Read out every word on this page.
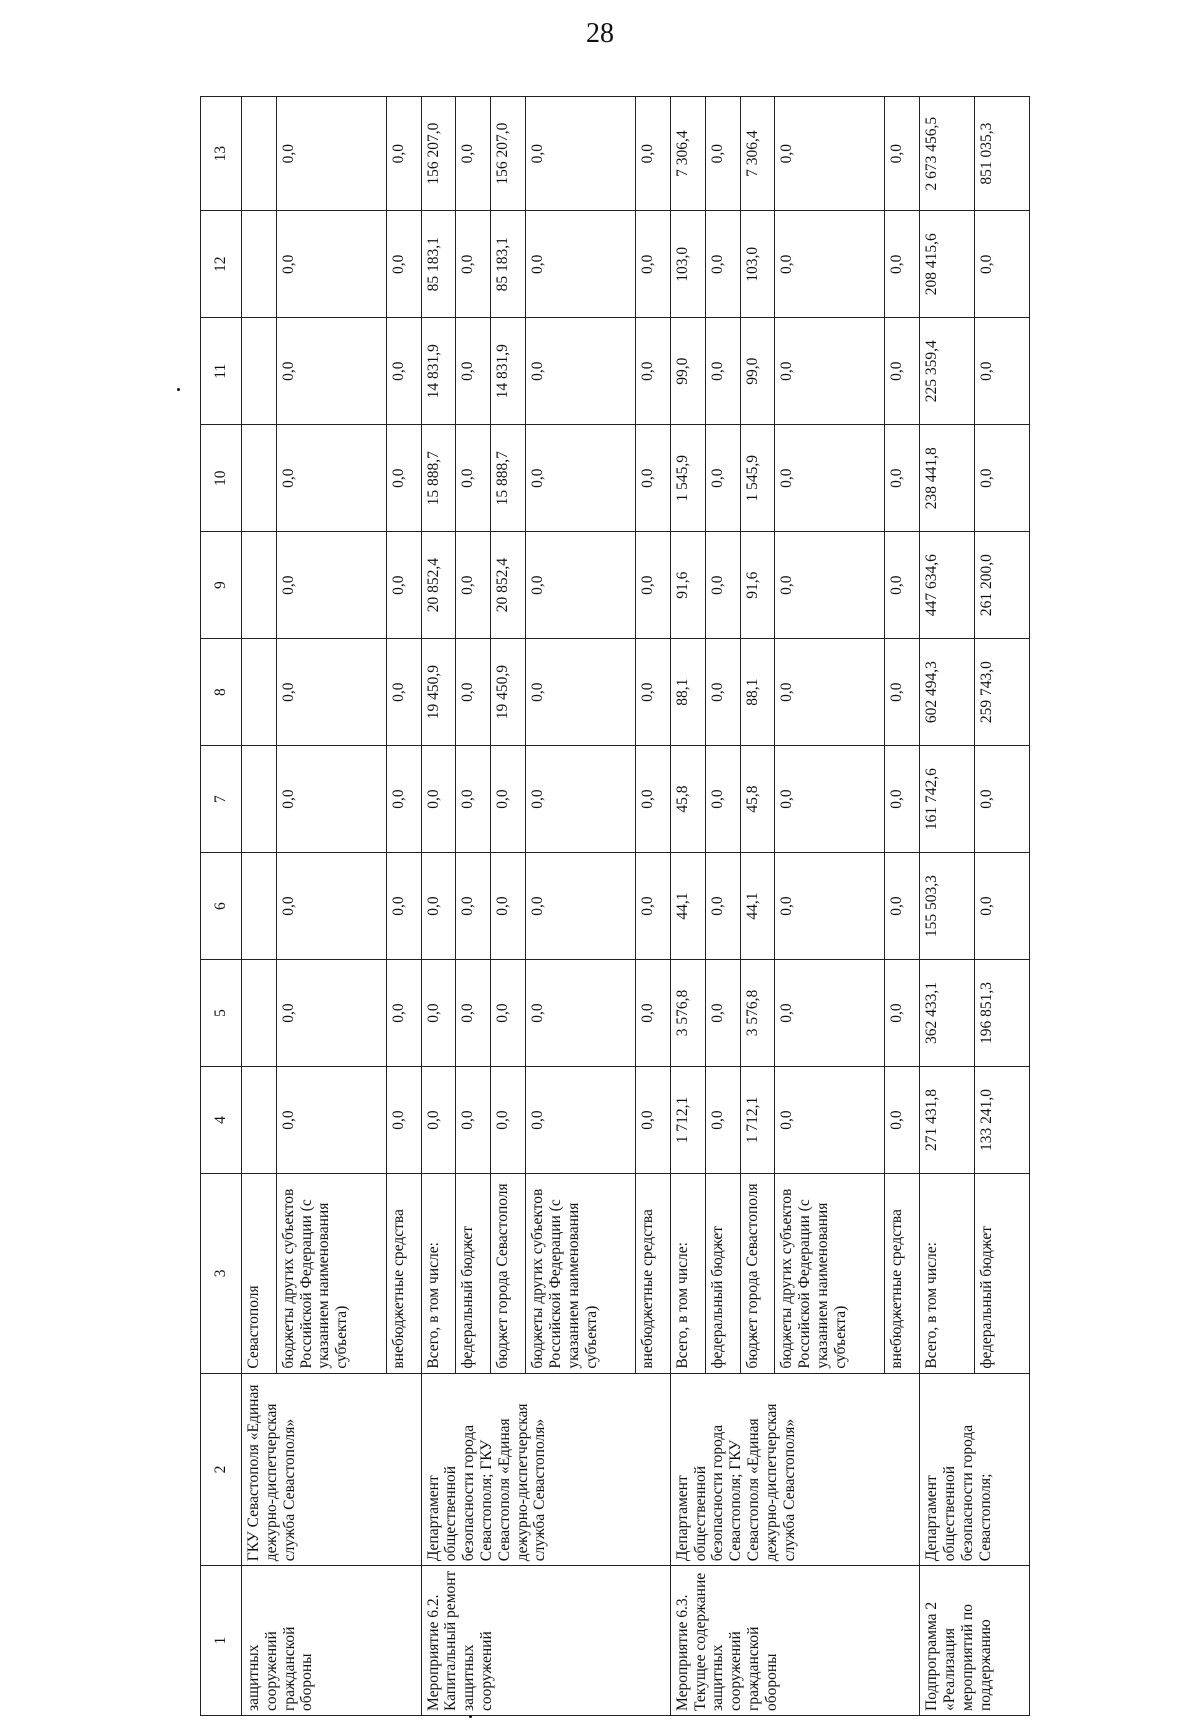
28
1	2	3	4	5	6	7	8	9	10	11	12	13
защитных сооружений гражданской обороны	ГКУ Севастополя «Единая дежурно-диспетчерская служба Севастополя»	Севастополя										
		бюджеты других субъектов Российской Федерации (с указанием наименования субъекта)	0,0	0,0	0,0	0,0	0,0	0,0	0,0	0,0	0,0	0,0
		внебюджетные средства	0,0	0,0	0,0	0,0	0,0	0,0	0,0	0,0	0,0	0,0
Мероприятие 6.2. Капитальный ремонт защитных сооружений	Департамент общественной безопасности города Севастополя; ГКУ Севастополя «Единая дежурно-диспетчерская служба Севастополя»	Всего, в том числе:	0,0	0,0	0,0	0,0	19 450,9	20 852,4	15 888,7	14 831,9	85 183,1	156 207,0
		федеральный бюджет	0,0	0,0	0,0	0,0	0,0	0,0	0,0	0,0	0,0	0,0
		бюджет города Севастополя	0,0	0,0	0,0	0,0	19 450,9	20 852,4	15 888,7	14 831,9	85 183,1	156 207,0
		бюджеты других субъектов Российской Федерации (с указанием наименования субъекта)	0,0	0,0	0,0	0,0	0,0	0,0	0,0	0,0	0,0	0,0
		внебюджетные средства	0,0	0,0	0,0	0,0	0,0	0,0	0,0	0,0	0,0	0,0
Мероприятие 6.3. Текущее содержание защитных сооружений гражданской обороны	Департамент общественной безопасности города Севастополя; ГКУ Севастополя «Единая дежурно-диспетчерская служба Севастополя»	Всего, в том числе:	1 712,1	3 576,8	44,1	45,8	88,1	91,6	1 545,9	99,0	103,0	7 306,4
		федеральный бюджет	0,0	0,0	0,0	0,0	0,0	0,0	0,0	0,0	0,0	0,0
		бюджет города Севастополя	1 712,1	3 576,8	44,1	45,8	88,1	91,6	1 545,9	99,0	103,0	7 306,4
		бюджеты других субъектов Российской Федерации (с указанием наименования субъекта)	0,0	0,0	0,0	0,0	0,0	0,0	0,0	0,0	0,0	0,0
		внебюджетные средства	0,0	0,0	0,0	0,0	0,0	0,0	0,0	0,0	0,0	0,0
Подпрограмма 2 «Реализация мероприятий по поддержанию	Департамент общественной безопасности города Севастополя;	Всего, в том числе:	271 431,8	362 433,1	155 503,3	161 742,6	602 494,3	447 634,6	238 441,8	225 359,4	208 415,6	2 673 456,5
		федеральный бюджет	133 241,0	196 851,3	0,0	0,0	259 743,0	261 200,0	0,0	0,0	0,0	851 035,3
